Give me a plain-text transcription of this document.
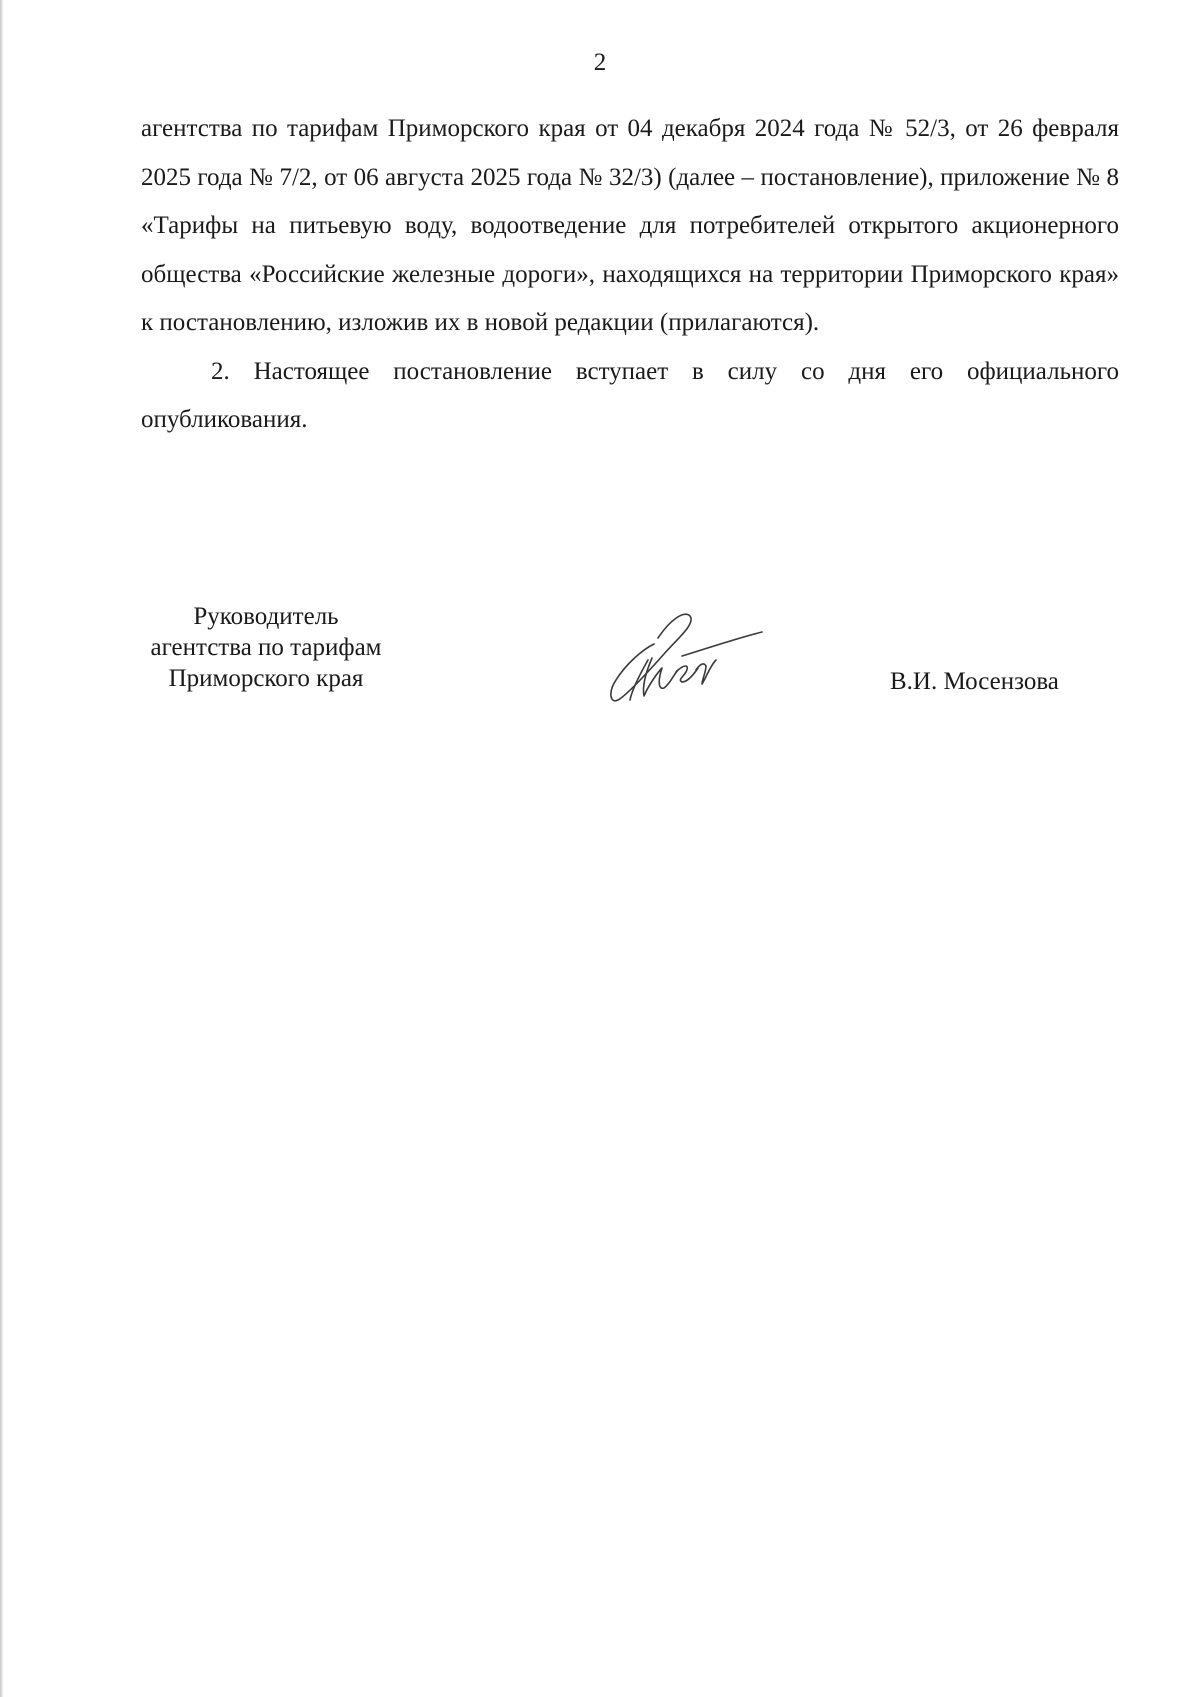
2

агентства по тарифам Приморского края от 04 декабря 2024 года № 52/3, от 26 февраля 2025 года № 7/2, от 06 августа 2025 года № 32/3) (далее – постановление), приложение № 8 «Тарифы на питьевую воду, водоотведение для потребителей открытого акционерного общества «Российские железные дороги», находящихся на территории Приморского края» к постановлению, изложив их в новой редакции (прилагаются).

2. Настоящее постановление вступает в силу со дня его официального опубликования.

Руководитель
агентства по тарифам
Приморского края	В.И. Мосензова
